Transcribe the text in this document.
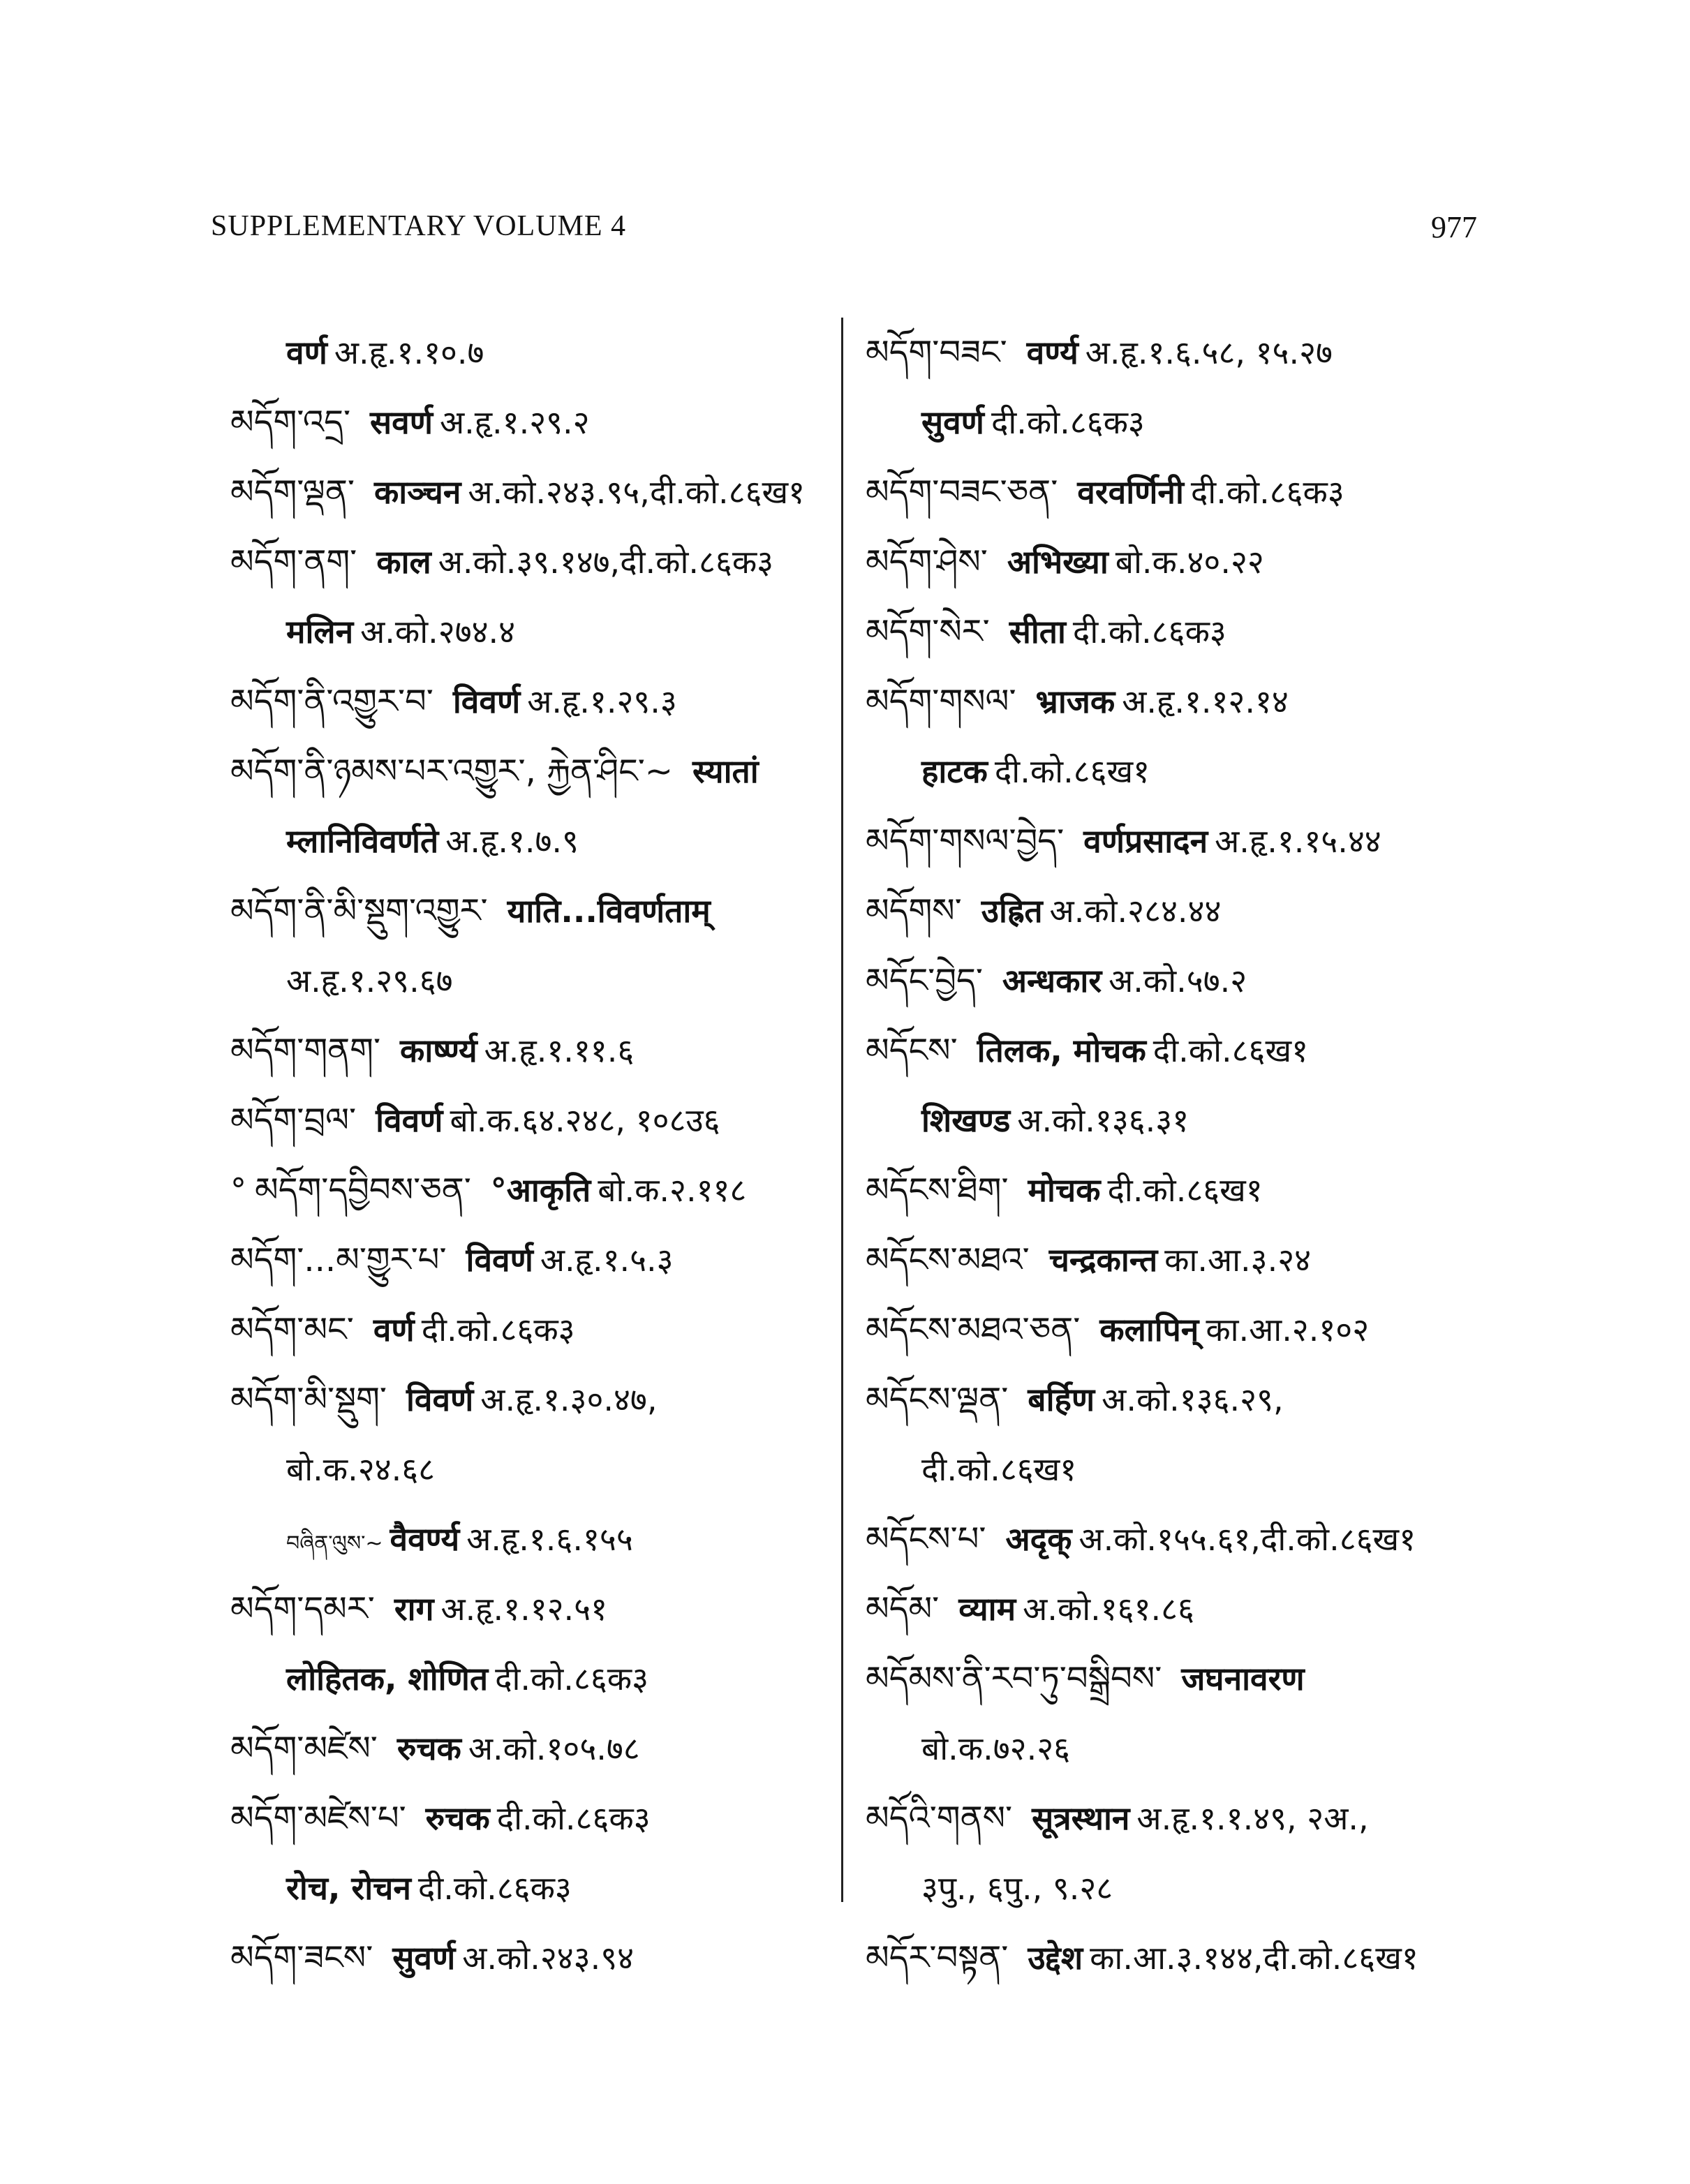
SUPPLEMENTARY VOLUME 4	977
वर्ण अ.हृ.१.१०.७
མདོག་འདྲ་ सवर्ण अ.हृ.१.२९.२
མདོག་ལྡན་ काञ्चन अ.को.२४३.९५,दी.को.८६ख१
མདོག་ནག་ काल अ.को.३९.१४७,दी.को.८६क३
मलिन अ.को.२७४.४
མདོག་ནི་འགྱུར་བ་ विवर्ण अ.हृ.१.२९.३
མདོག་ནི་ཉམས་པར་འགྱུར་, རྐྱེན་ཤིང་~ स्यातां
म्लानिविवर्णते अ.हृ.१.७.९
མདོག་ནི་མི་སྡུག་འགྱུར་ याति...विवर्णताम्
अ.हृ.१.२९.६७
མདོག་གནག་ कार्ष्ण्य अ.हृ.१.११.६
མདོག་བྲལ་ विवर्ण बो.क.६४.२४८, १०८उ६
° མདོག་དབྱིབས་ཅན་ °आकृति बो.क.२.११८
མདོག་...མ་གྱུར་པ་ विवर्ण अ.हृ.१.५.३
མདོག་མང་ वर्ण दी.को.८६क३
མདོག་མི་སྡུག་ विवर्ण अ.हृ.१.३०.४७,
बो.क.२४.६८
བཞིན་ལུས་~ वैवर्ण्य अ.हृ.१.६.१५५
མདོག་དམར་ राग अ.हृ.१.१२.५१
लोहितक, शोणित दी.को.८६क३
མདོག་མཛེས་ रुचक अ.को.१०५.७८
མདོག་མཛེས་པ་ रुचक दी.को.८६क३
रोच, रोचन दी.को.८६क३
མདོག་ཟངས་ सुवर्ण अ.को.२४३.९४
མདོག་བཟང་ वर्ण्य अ.हृ.१.६.५८, १५.२७
सुवर्ण दी.को.८६क३
མདོག་བཟང་ཅན་ वरवर्णिनी दी.को.८६क३
མདོག་ཤེས་ अभिख्या बो.क.४०.२२
མདོག་སེར་ सीता दी.को.८६क३
མདོག་གསལ་ भ्राजक अ.हृ.१.१२.१४
हाटक दी.को.८६ख१
མདོག་གསལ་བྱེད་ वर्णप्रसादन अ.हृ.१.१५.४४
མདོགས་ उह्रित अ.को.२८४.४४
མདོང་བྱེད་ अन्धकार अ.को.५७.२
མདོངས་ तिलक, मोचक दी.को.८६ख१
शिखण्ड अ.को.१३६.३१
མདོངས་ཐིག་ मोचक दी.को.८६ख१
མདོངས་མཐའ་ चन्द्रकान्त का.आ.३.२४
མདོངས་མཐའ་ཅན་ कलापिन् का.आ.२.१०२
མདོངས་ལྡན་ बर्हिण अ.को.१३६.२९,
दी.को.८६ख१
མདོངས་པ་ अदृक् अ.को.१५५.६१,दी.को.८६ख१
མདོམ་ व्याम अ.को.१६१.८६
མདོམས་ནི་རབ་ཏུ་བསྒྲིབས་ जघनावरण
बो.क.७२.२६
མདོའི་གནས་ सूत्रस्थान अ.हृ.१.१.४९, २अ.,
३पु., ६पु., ९.२८
མདོར་བསྟན་ उद्देश का.आ.३.१४४,दी.को.८६ख१
